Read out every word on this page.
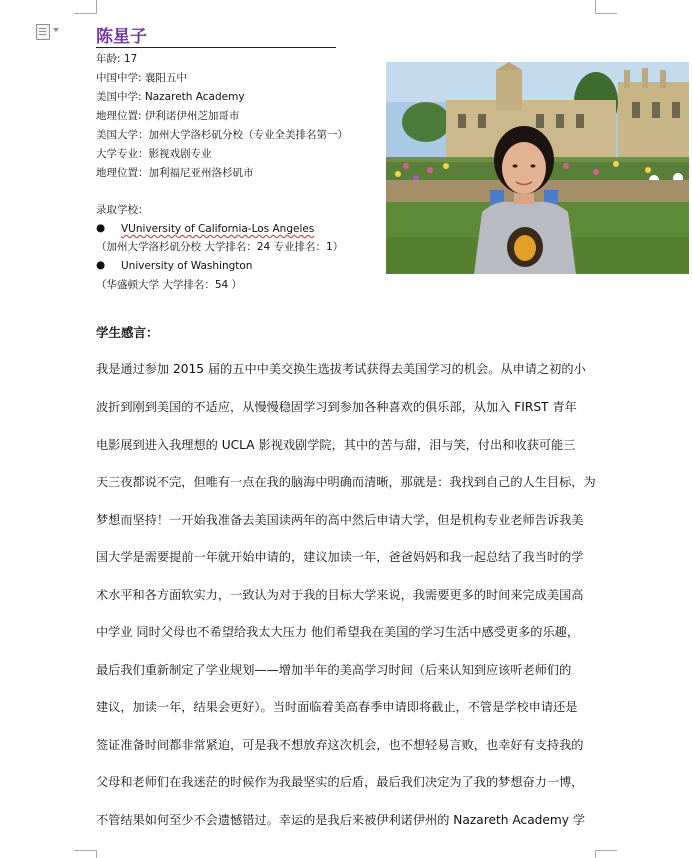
陈星子
年龄: 17
中国中学: 襄阳五中
美国中学: Nazareth Academy
地理位置: 伊利诺伊州芝加哥市
美国大学：加州大学洛杉矶分校（专业全美排名第一）
大学专业：影视戏剧专业
地理位置：加利福尼亚州洛杉矶市
录取学校：
● VUniversity of California-Los Angeles
（加州大学洛杉矶分校 大学排名：24 专业排名：1）
● University of Washington
（华盛顿大学 大学排名：54 ）
学生感言：
我是通过参加 2015 届的五中中美交换生选拔考试获得去美国学习的机会。从申请之初的小
波折到刚到美国的不适应，从慢慢稳固学习到参加各种喜欢的俱乐部，从加入 FIRST 青年
电影展到进入我理想的 UCLA 影视戏剧学院，其中的苦与甜，泪与笑，付出和收获可能三
天三夜都说不完，但唯有一点在我的脑海中明确而清晰，那就是：我找到自己的人生目标，为
梦想而坚持！一开始我准备去美国读两年的高中然后申请大学，但是机构专业老师告诉我美
国大学是需要提前一年就开始申请的，建议加读一年，爸爸妈妈和我一起总结了我当时的学
术水平和各方面软实力，一致认为对于我的目标大学来说，我需要更多的时间来完成美国高
中学业 同时父母也不希望给我太大压力 他们希望我在美国的学习生活中感受更多的乐趣，
最后我们重新制定了学业规划——增加半年的美高学习时间（后来认知到应该听老师们的
建议，加读一年，结果会更好）。当时面临着美高春季申请即将截止，不管是学校申请还是
签证准备时间都非常紧迫，可是我不想放弃这次机会，也不想轻易言败，也幸好有支持我的
父母和老师们在我迷茫的时候作为我最坚实的后盾，最后我们决定为了我的梦想奋力一博，
不管结果如何至少不会遗憾错过。幸运的是我后来被伊利诺伊州的 Nazareth Academy 学
